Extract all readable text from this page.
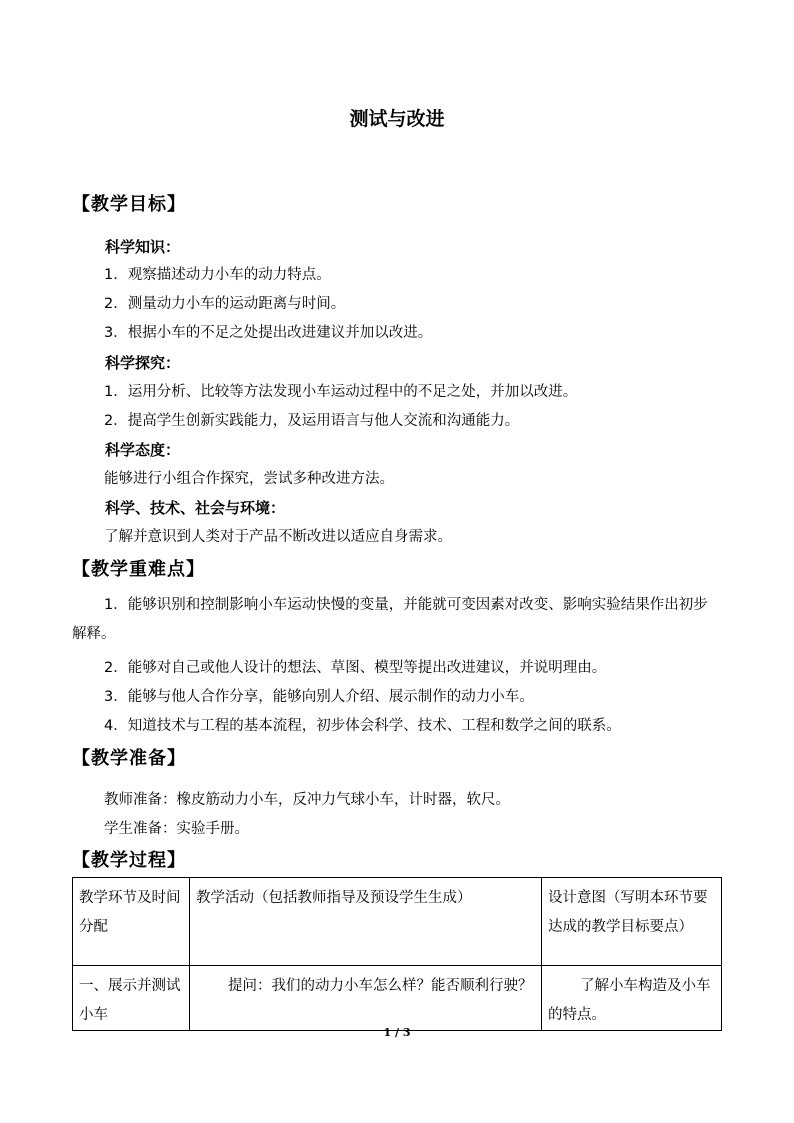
测试与改进
【教学目标】
科学知识：
1．观察描述动力小车的动力特点。
2．测量动力小车的运动距离与时间。
3．根据小车的不足之处提出改进建议并加以改进。
科学探究：
1．运用分析、比较等方法发现小车运动过程中的不足之处，并加以改进。
2．提高学生创新实践能力，及运用语言与他人交流和沟通能力。
科学态度：
能够进行小组合作探究，尝试多种改进方法。
科学、技术、社会与环境：
了解并意识到人类对于产品不断改进以适应自身需求。
【教学重难点】
1．能够识别和控制影响小车运动快慢的变量，并能就可变因素对改变、影响实验结果作出初步解释。
2．能够对自己或他人设计的想法、草图、模型等提出改进建议，并说明理由。
3．能够与他人合作分享，能够向别人介绍、展示制作的动力小车。
4．知道技术与工程的基本流程，初步体会科学、技术、工程和数学之间的联系。
【教学准备】
教师准备：橡皮筋动力小车，反冲力气球小车，计时器，软尺。
学生准备：实验手册。
【教学过程】
教学环节及时间分配	教学活动（包括教师指导及预设学生生成）	设计意图（写明本环节要达成的教学目标要点）
一、展示并测试小车	提问：我们的动力小车怎么样？能否顺利行驶？	了解小车构造及小车的特点。
1 / 3
